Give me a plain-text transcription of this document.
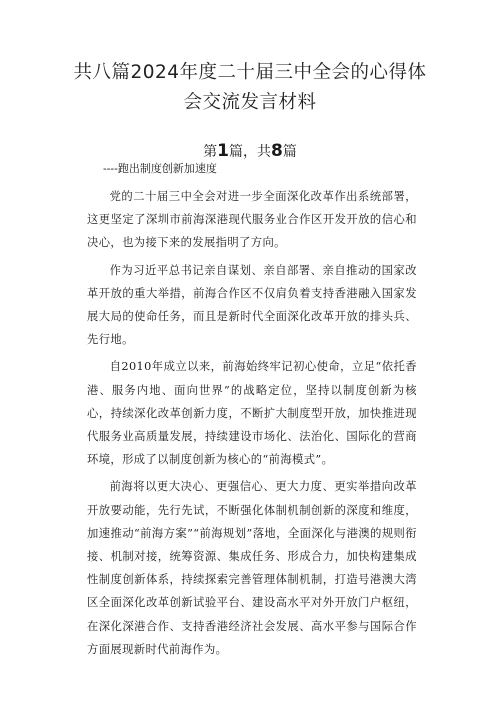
共八篇2024年度二十届三中全会的心得体
会交流发言材料

第1篇，共8篇

----跑出制度创新加速度

党的二十届三中全会对进一步全面深化改革作出系统部署，这更坚定了深圳市前海深港现代服务业合作区开发开放的信心和决心，也为接下来的发展指明了方向。

作为习近平总书记亲自谋划、亲自部署、亲自推动的国家改革开放的重大举措，前海合作区不仅肩负着支持香港融入国家发展大局的使命任务，而且是新时代全面深化改革开放的排头兵、先行地。

自2010年成立以来，前海始终牢记初心使命，立足“依托香港、服务内地、面向世界”的战略定位，坚持以制度创新为核心，持续深化改革创新力度，不断扩大制度型开放，加快推进现代服务业高质量发展，持续建设市场化、法治化、国际化的营商环境，形成了以制度创新为核心的“前海模式”。

前海将以更大决心、更强信心、更大力度、更实举措向改革开放要动能，先行先试，不断强化体制机制创新的深度和维度，加速推动“前海方案”“前海规划”落地，全面深化与港澳的规则衔接、机制对接，统筹资源、集成任务、形成合力，加快构建集成性制度创新体系，持续探索完善管理体制机制，打造号港澳大湾区全面深化改革创新试验平台、建设高水平对外开放门户枢纽，在深化深港合作、支持香港经济社会发展、高水平参与国际合作方面展现新时代前海作为。
